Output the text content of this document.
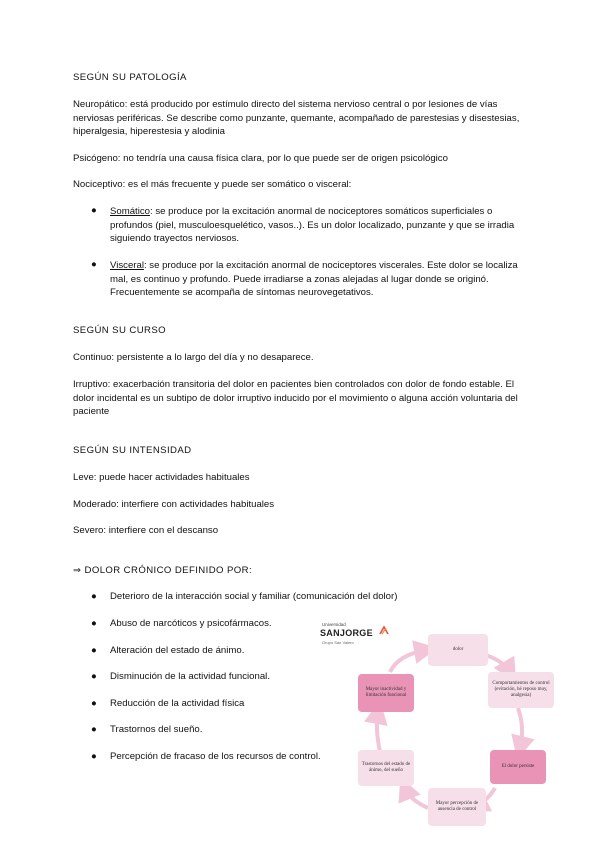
SEGÚN SU PATOLOGÍA

Neuropático: está producido por estímulo directo del sistema nervioso central o por lesiones de vías nerviosas periféricas. Se describe como punzante, quemante, acompañado de parestesias y disestesias, hiperalgesia, hiperestesia y alodinia

Psicógeno: no tendría una causa física clara, por lo que puede ser de origen psicológico

Nociceptivo: es el más frecuente y puede ser somático o visceral:

● Somático: se produce por la excitación anormal de nociceptores somáticos superficiales o profundos (piel, musculoesquelético, vasos..). Es un dolor localizado, punzante y que se irradia siguiendo trayectos nerviosos.

● Visceral: se produce por la excitación anormal de nociceptores viscerales. Este dolor se localiza mal, es continuo y profundo. Puede irradiarse a zonas alejadas al lugar donde se originó. Frecuentemente se acompaña de síntomas neurovegetativos.

SEGÚN SU CURSO

Continuo: persistente a lo largo del día y no desaparece.

Irruptivo: exacerbación transitoria del dolor en pacientes bien controlados con dolor de fondo estable. El dolor incidental es un subtipo de dolor irruptivo inducido por el movimiento o alguna acción voluntaria del paciente

SEGÚN SU INTENSIDAD

Leve: puede hacer actividades habituales

Moderado: interfiere con actividades habituales

Severo: interfiere con el descanso

⇒ DOLOR CRÓNICO DEFINIDO POR:

● Deterioro de la interacción social y familiar (comunicación del dolor)
● Abuso de narcóticos y psicofármacos.
● Alteración del estado de ánimo.
● Disminución de la actividad funcional.
● Reducción de la actividad física
● Trastornos del sueño.
● Percepción de fracaso de los recursos de control.
Universidad
SANJORGE
Grupo San Valero
dolor
Comportamientos de control (evitación, hé reposo muy, analgesia)
El dolor persiste
Mayor percepción de ausencia de control
Trastornos del estado de ánimo, del sueño
Mayor inactividad y limitación funcional
